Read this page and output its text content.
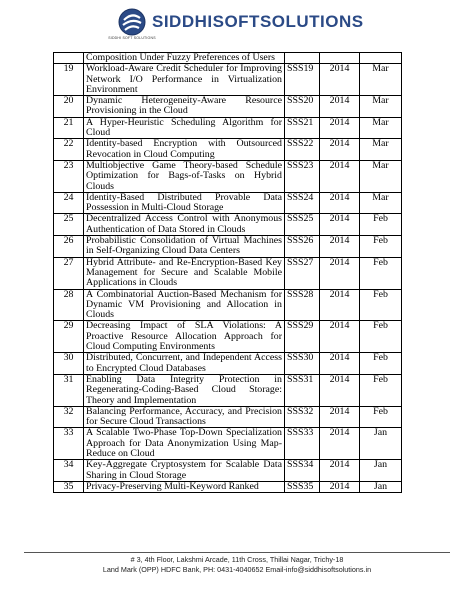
SIDDHI SOFT SOLUTIONS
SIDDHISOFTSOLUTIONS
	Composition Under Fuzzy Preferences of Users			
19	Workload-Aware Credit Scheduler for Improving Network I/O Performance in Virtualization Environment	SSS19	2014	Mar
20	Dynamic Heterogeneity-Aware Resource Provisioning in the Cloud	SSS20	2014	Mar
21	A Hyper-Heuristic Scheduling Algorithm for Cloud	SSS21	2014	Mar
22	Identity-based Encryption with Outsourced Revocation in Cloud Computing	SSS22	2014	Mar
23	Multiobjective Game Theory-based Schedule Optimization for Bags-of-Tasks on Hybrid Clouds	SSS23	2014	Mar
24	Identity-Based Distributed Provable Data Possession in Multi-Cloud Storage	SSS24	2014	Mar
25	Decentralized Access Control with Anonymous Authentication of Data Stored in Clouds	SSS25	2014	Feb
26	Probabilistic Consolidation of Virtual Machines in Self-Organizing Cloud Data Centers	SSS26	2014	Feb
27	Hybrid Attribute- and Re-Encryption-Based Key Management for Secure and Scalable Mobile Applications in Clouds	SSS27	2014	Feb
28	A Combinatorial Auction-Based Mechanism for Dynamic VM Provisioning and Allocation in Clouds	SSS28	2014	Feb
29	Decreasing Impact of SLA Violations: A Proactive Resource Allocation Approach for Cloud Computing Environments	SSS29	2014	Feb
30	Distributed, Concurrent, and Independent Access to Encrypted Cloud Databases	SSS30	2014	Feb
31	Enabling Data Integrity Protection in Regenerating-Coding-Based Cloud Storage: Theory and Implementation	SSS31	2014	Feb
32	Balancing Performance, Accuracy, and Precision for Secure Cloud Transactions	SSS32	2014	Feb
33	A Scalable Two-Phase Top-Down Specialization Approach for Data Anonymization Using Map-Reduce on Cloud	SSS33	2014	Jan
34	Key-Aggregate Cryptosystem for Scalable Data Sharing in Cloud Storage	SSS34	2014	Jan
35	Privacy-Preserving Multi-Keyword Ranked	SSS35	2014	Jan
# 3, 4th Floor, Lakshmi Arcade, 11th Cross, Thillai Nagar, Trichy-18
Land Mark (OPP) HDFC Bank, PH: 0431-4040652 Email-info@siddhisoftsolutions.in
